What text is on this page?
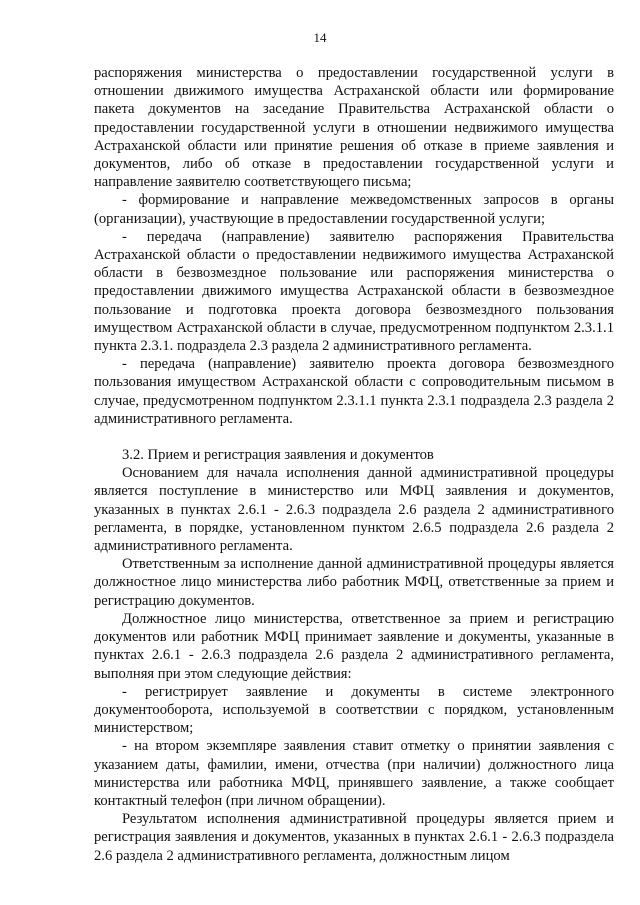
14

распоряжения министерства о предоставлении государственной услуги в отношении движимого имущества Астраханской области или формирование пакета документов на заседание Правительства Астраханской области о предоставлении государственной услуги в отношении недвижимого имущества Астраханской области или принятие решения об отказе в приеме заявления и документов, либо об отказе в предоставлении государственной услуги и направление заявителю соответствующего письма;

- формирование и направление межведомственных запросов в органы (организации), участвующие в предоставлении государственной услуги;

- передача (направление) заявителю распоряжения Правительства Астраханской области о предоставлении недвижимого имущества Астраханской области в безвозмездное пользование или распоряжения министерства о предоставлении движимого имущества Астраханской области в безвозмездное пользование и подготовка проекта договора безвозмездного пользования имуществом Астраханской области в случае, предусмотренном подпунктом 2.3.1.1 пункта 2.3.1. подраздела 2.3 раздела 2 административного регламента.

- передача (направление) заявителю проекта договора безвозмездного пользования имуществом Астраханской области с сопроводительным письмом в случае, предусмотренном подпунктом 2.3.1.1 пункта 2.3.1 подраздела 2.3 раздела 2 административного регламента.

3.2. Прием и регистрация заявления и документов

Основанием для начала исполнения данной административной процедуры является поступление в министерство или МФЦ заявления и документов, указанных в пунктах 2.6.1 - 2.6.3 подраздела 2.6 раздела 2 административного регламента, в порядке, установленном пунктом 2.6.5 подраздела 2.6 раздела 2 административного регламента.

Ответственным за исполнение данной административной процедуры является должностное лицо министерства либо работник МФЦ, ответственные за прием и регистрацию документов.

Должностное лицо министерства, ответственное за прием и регистрацию документов или работник МФЦ принимает заявление и документы, указанные в пунктах 2.6.1 - 2.6.3 подраздела 2.6 раздела 2 административного регламента, выполняя при этом следующие действия:

- регистрирует заявление и документы в системе электронного документооборота, используемой в соответствии с порядком, установленным министерством;

- на втором экземпляре заявления ставит отметку о принятии заявления с указанием даты, фамилии, имени, отчества (при наличии) должностного лица министерства или работника МФЦ, принявшего заявление, а также сообщает контактный телефон (при личном обращении).

Результатом исполнения административной процедуры является прием и регистрация заявления и документов, указанных в пунктах 2.6.1 - 2.6.3 подраздела 2.6 раздела 2 административного регламента, должностным лицом
